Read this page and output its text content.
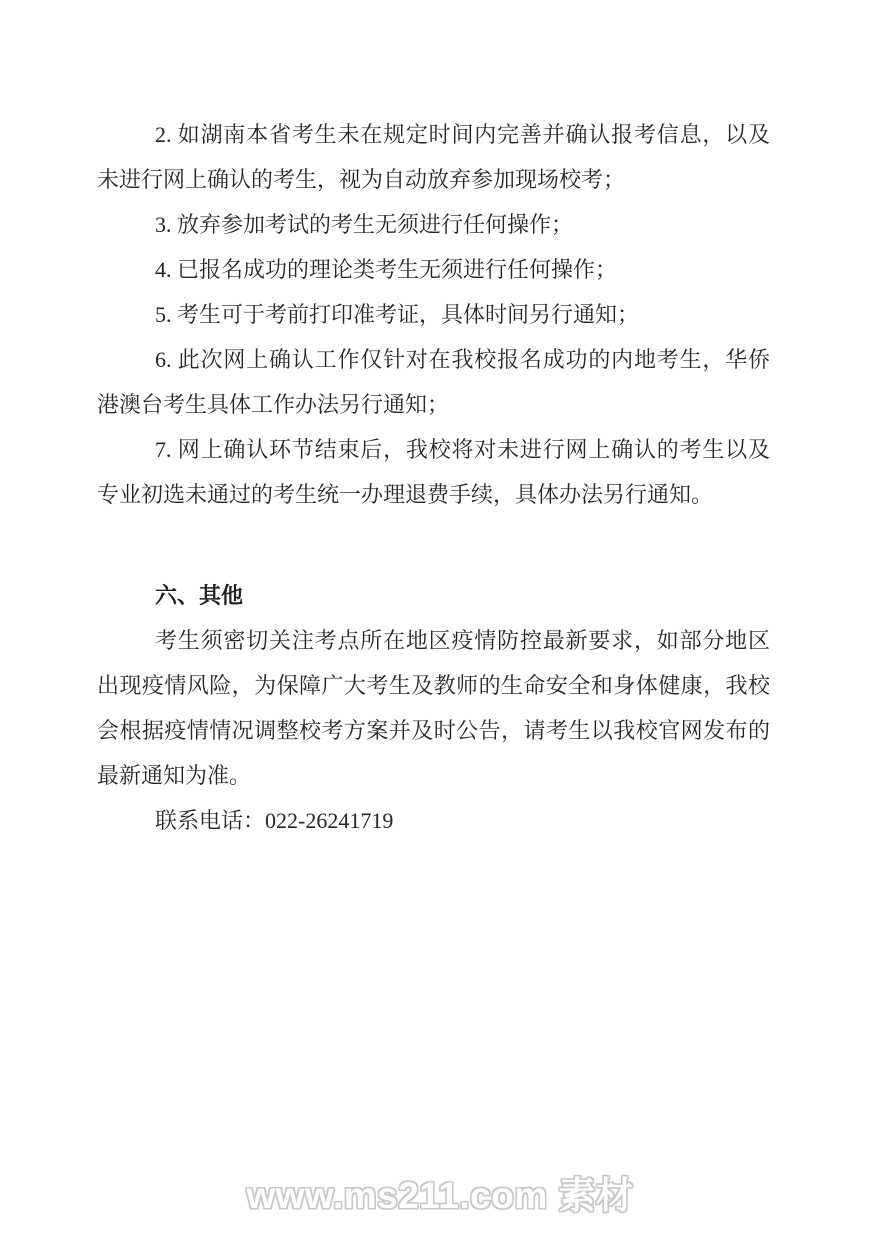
2. 如湖南本省考生未在规定时间内完善并确认报考信息，以及未进行网上确认的考生，视为自动放弃参加现场校考；

3. 放弃参加考试的考生无须进行任何操作；

4. 已报名成功的理论类考生无须进行任何操作；

5. 考生可于考前打印准考证，具体时间另行通知；

6. 此次网上确认工作仅针对在我校报名成功的内地考生，华侨港澳台考生具体工作办法另行通知；

7. 网上确认环节结束后，我校将对未进行网上确认的考生以及专业初选未通过的考生统一办理退费手续，具体办法另行通知。

六、其他

考生须密切关注考点所在地区疫情防控最新要求，如部分地区出现疫情风险，为保障广大考生及教师的生命安全和身体健康，我校会根据疫情情况调整校考方案并及时公告，请考生以我校官网发布的最新通知为准。

联系电话：022-26241719

www.ms211.com 素材
